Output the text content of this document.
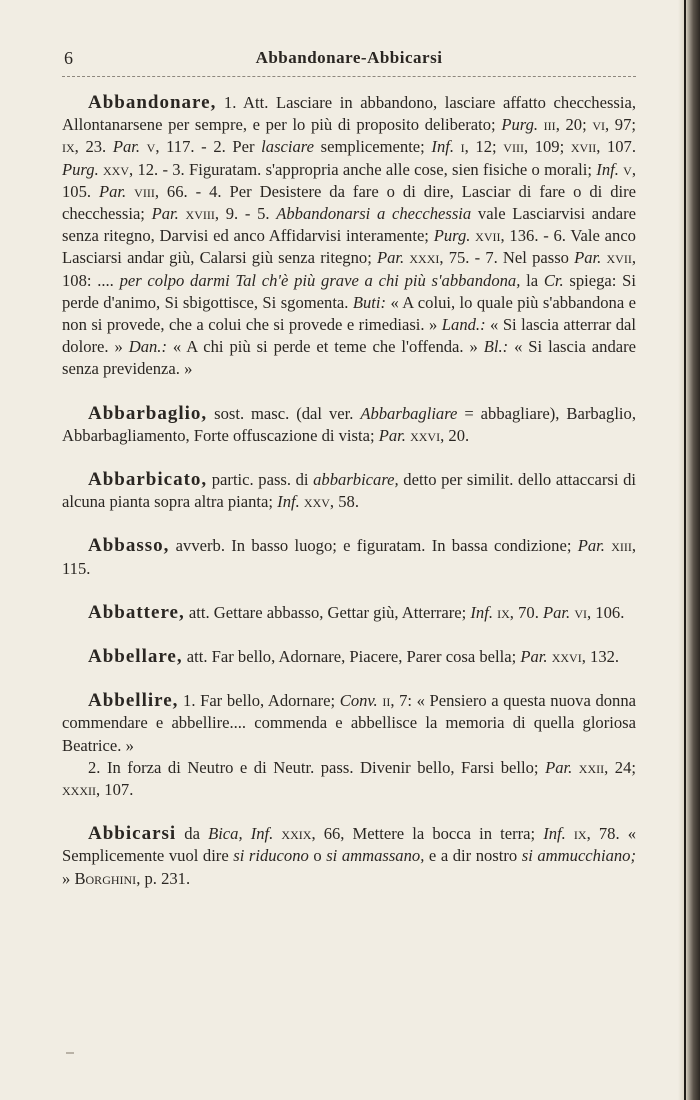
6	Abbandonare-Abbicarsi

Abbandonare, 1. Att. Lasciare in abbandono, lasciare affatto checchessia, Allontanarsene per sempre, e per lo più di proposito deliberato; Purg. iii, 20; vi, 97; ix, 23. Par. v, 117. - 2. Per lasciare semplicemente; Inf. i, 12; viii, 109; xvii, 107. Purg. xxv, 12. - 3. Figuratam. s'appropria anche alle cose, sien fisiche o morali; Inf. v, 105. Par. viii, 66. - 4. Per Desistere da fare o di dire, Lasciar di fare o di dire checchessia; Par. xviii, 9. - 5. Abbandonarsi a checchessia vale Lasciarvisi andare senza ritegno, Darvisi ed anco Affidarvisi interamente; Purg. xvii, 136. - 6. Vale anco Lasciarsi andar giù, Calarsi giù senza ritegno; Par. xxxi, 75. - 7. Nel passo Par. xvii, 108: .... per colpo darmi Tal ch'è più grave a chi più s'abbandona, la Cr. spiega: Si perde d'animo, Si sbigottisce, Si sgomenta. Buti: « A colui, lo quale più s'abbandona e non si provede, che a colui che si provede e rimediasi. » Land.: « Si lascia atterrar dal dolore. » Dan.: « A chi più si perde et teme che l'offenda. » Bl.: « Si lascia andare senza previdenza. »

Abbarbaglio, sost. masc. (dal ver. Abbarbagliare = abbagliare), Barbaglio, Abbarbagliamento, Forte offuscazione di vista; Par. xxvi, 20.

Abbarbicato, partic. pass. di abbarbicare, detto per similit. dello attaccarsi di alcuna pianta sopra altra pianta; Inf. xxv, 58.

Abbasso, avverb. In basso luogo; e figuratam. In bassa condizione; Par. xiii, 115.

Abbattere, att. Gettare abbasso, Gettar giù, Atterrare; Inf. ix, 70. Par. vi, 106.

Abbellare, att. Far bello, Adornare, Piacere, Parer cosa bella; Par. xxvi, 132.

Abbellire, 1. Far bello, Adornare; Conv. ii, 7: « Pensiero a questa nuova donna commendare e abbellire.... commenda e abbellisce la memoria di quella gloriosa Beatrice. »
2. In forza di Neutro e di Neutr. pass. Divenir bello, Farsi bello; Par. xxii, 24; xxxii, 107.

Abbicarsi da Bica, Inf. xxix, 66, Mettere la bocca in terra; Inf. ix, 78. « Semplicemente vuol dire si riducono o si ammassano, e a dir nostro si ammucchiano; » Borghini, p. 231.
